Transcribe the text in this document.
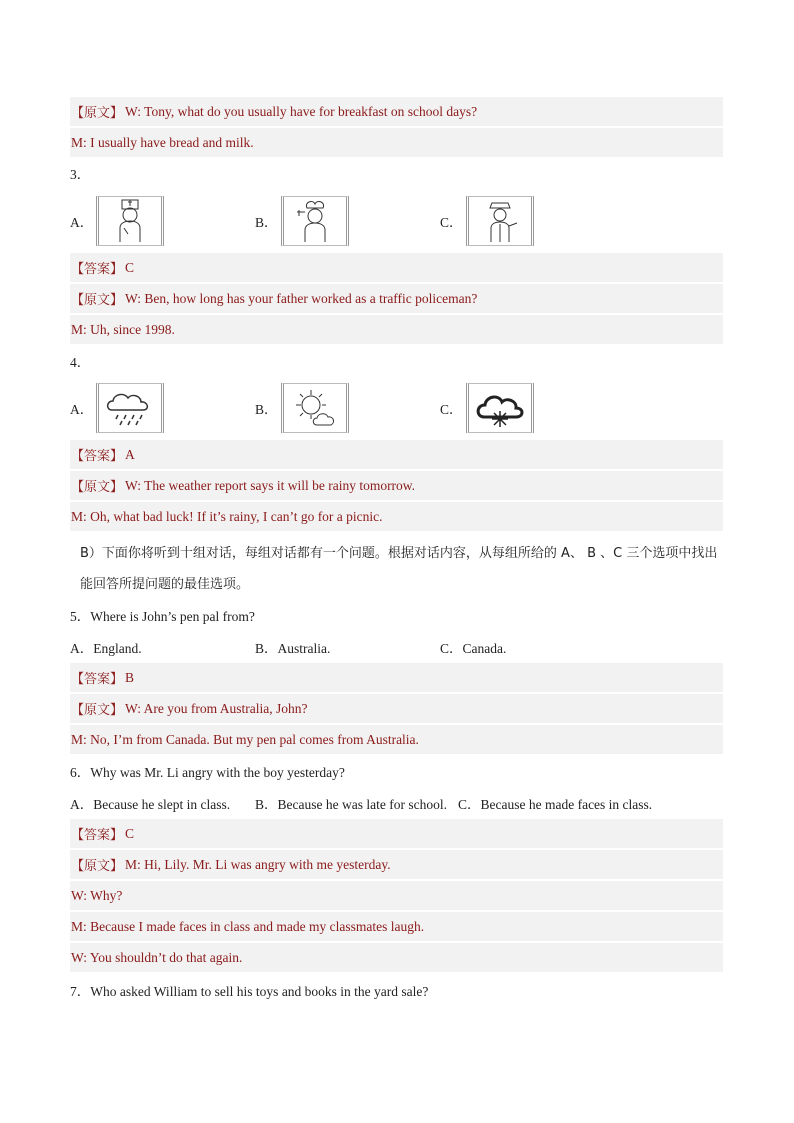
【原文】 W: Tony, what do you usually have for breakfast on school days?
M: I usually have bread and milk.
3．
A．	B．	C．
【答案】 C
【原文】 W: Ben, how long has your father worked as a traffic policeman?
M: Uh, since 1998.
4．
A．	B．	C．
【答案】 A
【原文】 W: The weather report says it will be rainy tomorrow.
M: Oh, what bad luck! If it’s rainy, I can’t go for a picnic.
B）下面你将听到十组对话，每组对话都有一个问题。根据对话内容，从每组所给的 A、 B 、C 三个选项中找出能回答所提问题的最佳选项。
5．Where is John’s pen pal from?
A．England.	B．Australia.	C．Canada.
【答案】 B
【原文】 W: Are you from Australia, John?
M: No, I’m from Canada. But my pen pal comes from Australia.
6．Why was Mr. Li angry with the boy yesterday?
A．Because he slept in class. B．Because he was late for school. C．Because he made faces in class.
【答案】 C
【原文】 M: Hi, Lily. Mr. Li was angry with me yesterday.
W: Why?
M: Because I made faces in class and made my classmates laugh.
W: You shouldn’t do that again.
7．Who asked William to sell his toys and books in the yard sale?
